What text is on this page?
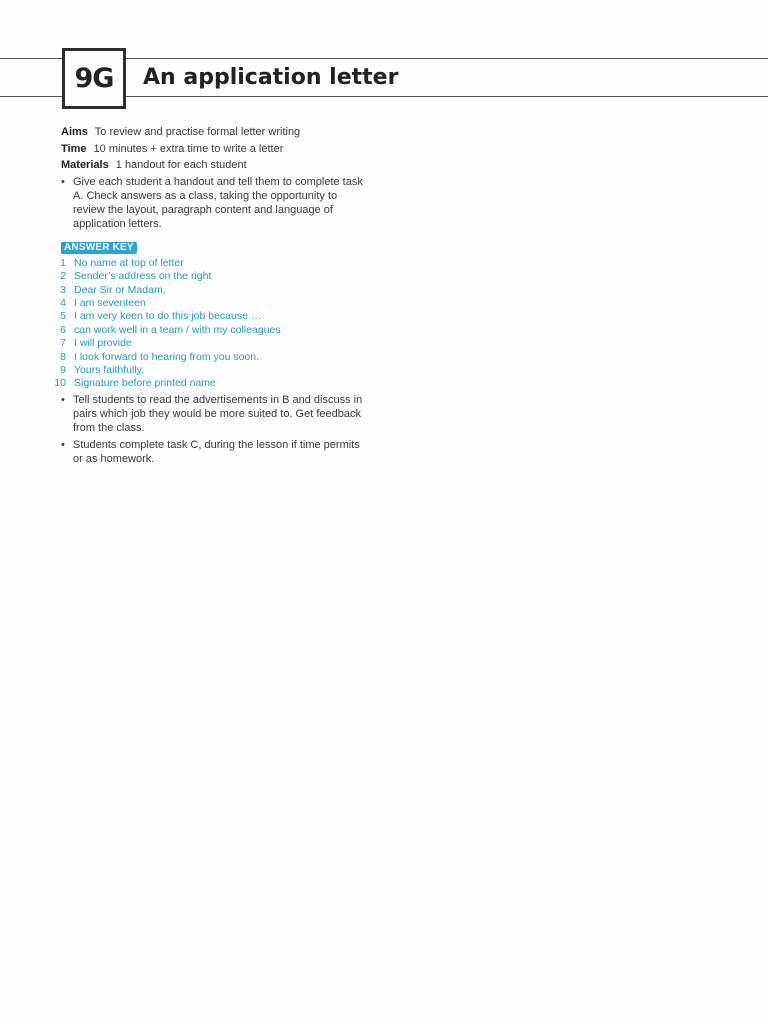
9G An application letter
Aims To review and practise formal letter writing
Time 10 minutes + extra time to write a letter
Materials 1 handout for each student
• Give each student a handout and tell them to complete task A. Check answers as a class, taking the opportunity to review the layout, paragraph content and language of application letters.
ANSWER KEY
1 No name at top of letter
2 Sender’s address on the right
3 Dear Sir or Madam,
4 I am seventeen
5 I am very keen to do this job because …
6 can work well in a team / with my colleagues
7 I will provide
8 I look forward to hearing from you soon.
9 Yours faithfully,
10 Signature before printed name
• Tell students to read the advertisements in B and discuss in pairs which job they would be more suited to. Get feedback from the class.
• Students complete task C, during the lesson if time permits or as homework.
